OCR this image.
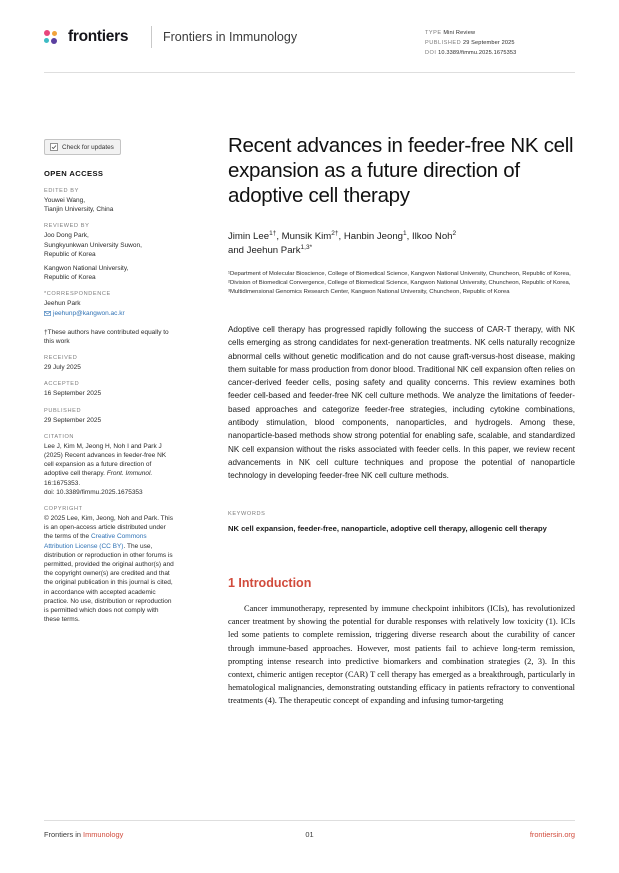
frontiers	Frontiers in Immunology	TYPE Mini Review
PUBLISHED 29 September 2025
DOI 10.3389/fimmu.2025.1675353
Check for updates
OPEN ACCESS
EDITED BY

Youwei Wang,

Tianjin University, China

REVIEWED BY

Joo Dong Park,

Sungkyunkwan University Suwon,

Republic of Korea

Kangwon National University,

Republic of Korea

*CORRESPONDENCE

Jeehun Park

jeehunp@kangwon.ac.kr

†These authors have contributed equally to this work
RECEIVED

29 July 2025

ACCEPTED

16 September 2025

PUBLISHED

29 September 2025

CITATION

Lee J, Kim M, Jeong H, Noh I and Park J (2025) Recent advances in feeder-free NK cell expansion as a future direction of adoptive cell therapy. Front. Immunol. 16:1675353.

doi: 10.3389/fimmu.2025.1675353

COPYRIGHT

© 2025 Lee, Kim, Jeong, Noh and Park. This is an open-access article distributed under the terms of the Creative Commons Attribution License (CC BY). The use, distribution or reproduction in other forums is permitted, provided the original author(s) and the copyright owner(s) are credited and that the original publication in this journal is cited, in accordance with accepted academic practice. No use, distribution or reproduction is permitted which does not comply with these terms.

Recent advances in feeder-free NK cell expansion as a future direction of adoptive cell therapy
Jimin Lee$^{1\dagger}$, Munsik Kim$^{2\dagger}$, Hanbin Jeong$^1$, Ilkoo Noh$^2$
and Jeehun Park$^{1,3*}$
¹Department of Molecular Bioscience, College of Biomedical Science, Kangwon National University, Chuncheon, Republic of Korea, ²Division of Biomedical Convergence, College of Biomedical Science, Kangwon National University, Chuncheon, Republic of Korea, ³Multidimensional Genomics Research Center, Kangwon National University, Chuncheon, Republic of Korea
Adoptive cell therapy has progressed rapidly following the success of CAR-T therapy, with NK cells emerging as strong candidates for next-generation treatments. NK cells naturally recognize abnormal cells without genetic modification and do not cause graft-versus-host disease, making them suitable for mass production from donor blood. Traditional NK cell expansion often relies on cancer-derived feeder cells, posing safety and quality concerns. This review examines both feeder cell-based and feeder-free NK cell culture methods. We analyze the limitations of feeder-based approaches and categorize feeder-free strategies, including cytokine combinations, antibody stimulation, blood components, nanoparticles, and hydrogels. Among these, nanoparticle-based methods show strong potential for enabling safe, scalable, and standardized NK cell expansion without the risks associated with feeder cells. In this paper, we review recent advancements in NK cell culture techniques and propose the potential of nanoparticle technology in developing feeder-free NK cell culture methods.
KEYWORDS
NK cell expansion, feeder-free, nanoparticle, adoptive cell therapy, allogenic cell therapy
1 Introduction
Cancer immunotherapy, represented by immune checkpoint inhibitors (ICIs), has revolutionized cancer treatment by showing the potential for durable responses with relatively low toxicity (1). ICIs led some patients to complete remission, triggering diverse research about the curability of cancer through immune-based approaches. However, most patients fail to achieve long-term remission, prompting intense research into predictive biomarkers and combination strategies (2, 3). In this context, chimeric antigen receptor (CAR) T cell therapy has emerged as a breakthrough, particularly in hematological malignancies, demonstrating outstanding efficacy in patients refractory to conventional treatments (4). The therapeutic concept of expanding and infusing tumor-targeting
Frontiers in Immunology	01	frontiersin.org
